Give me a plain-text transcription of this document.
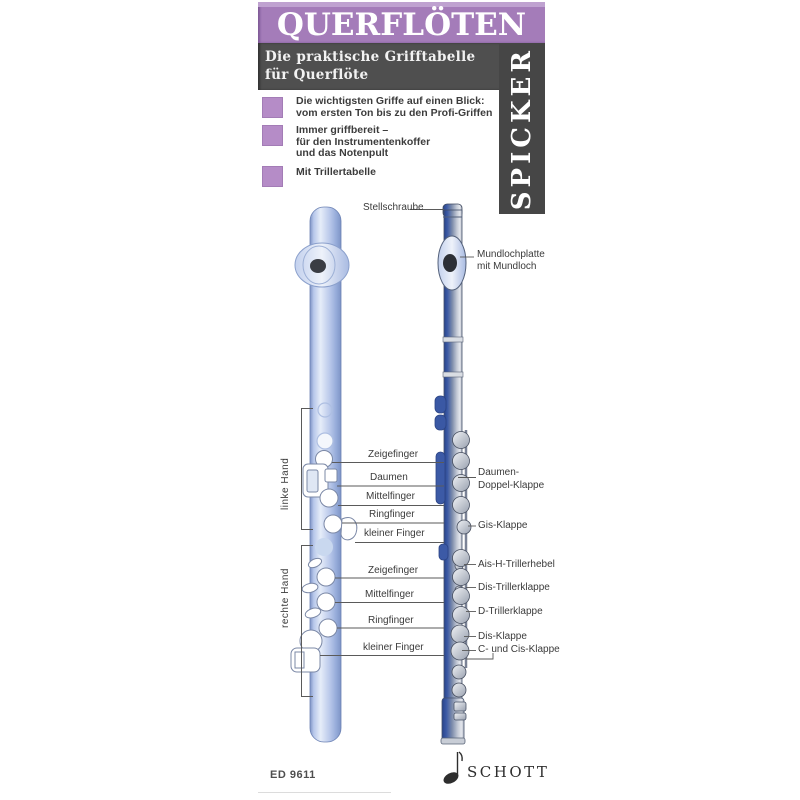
QUERFLÖTEN
Die praktische Grifftabelle
für Querflöte	SPICKER
Die wichtigsten Griffe auf einen Blick:
vom ersten Ton bis zu den Profi-Griffen
Immer griffbereit –
für den Instrumentenkoffer
und das Notenpult
Mit Trillertabelle
Stellschraube
Mundlochplatte
mit Mundloch
linke Hand
Zeigefinger
Daumen
Mittelfinger
Ringfinger
kleiner Finger
rechte Hand	Zeigefinger
Mittelfinger
Ringfinger
kleiner Finger
Daumen-
Doppel-Klappe
Gis-Klappe
Ais-H-Trillerhebel
Dis-Trillerklappe
D-Trillerklappe
Dis-Klappe
C- und Cis-Klappe
ED 9611	SCHOTT
